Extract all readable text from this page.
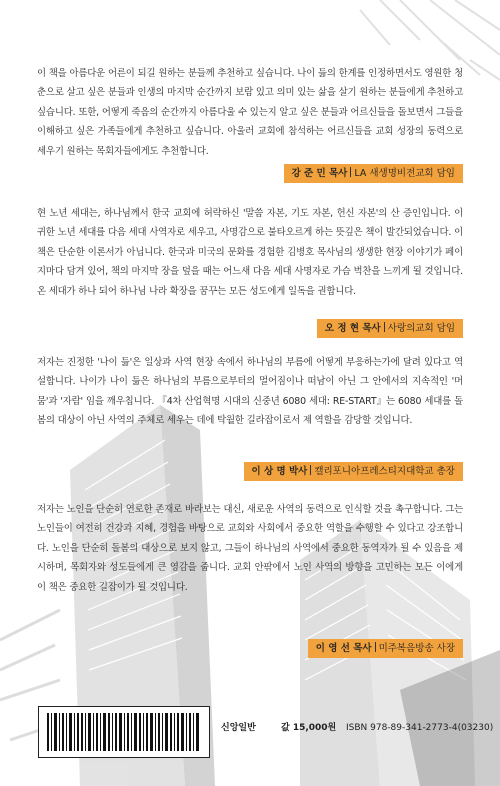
이 책을 아름다운 어른이 되길 원하는 분들께 추천하고 싶습니다. 나이 듦의 한계를 인정하면서도 영원한 청춘으로 살고 싶은 분들과 인생의 마지막 순간까지 보람 있고 의미 있는 삶을 살기 원하는 분들에게 추천하고 싶습니다. 또한, 어떻게 죽음의 순간까지 아름다울 수 있는지 알고 싶은 분들과 어르신들을 돌보면서 그들을 이해하고 싶은 가족들에게 추천하고 싶습니다. 아울러 교회에 참석하는 어르신들을 교회 성장의 동력으로 세우기 원하는 목회자들에게도 추천합니다.

강 준 민 목사 LA 새생명비전교회 담임

현 노년 세대는, 하나님께서 한국 교회에 허락하신 '말씀 자본, 기도 자본, 헌신 자본'의 산 증인입니다. 이 귀한 노년 세대를 다음 세대 사역자로 세우고, 사명감으로 불타오르게 하는 뜻깊은 책이 발간되었습니다. 이 책은 단순한 이론서가 아닙니다. 한국과 미국의 문화를 경험한 김병호 목사님의 생생한 현장 이야기가 페이지마다 담겨 있어, 책의 마지막 장을 덮을 때는 어느새 다음 세대 사명자로 가슴 벅찬을 느끼게 될 것입니다. 온 세대가 하나 되어 하나님 나라 확장을 꿈꾸는 모든 성도에게 일독을 권합니다.

오 정 현 목사 사랑의교회 담임

저자는 진정한 '나이 듦'은 일상과 사역 현장 속에서 하나님의 부름에 어떻게 부응하는가에 달려 있다고 역설합니다. 나이가 나이 듦은 하나님의 부름으로부터의 멀어짐이나 떠남이 아닌 그 안에서의 지속적인 '머뭄'과 '자람' 임을 깨우칩니다. 『4차 산업혁명 시대의 신중년 6080 세대: RE-START』는 6080 세대를 돌봄의 대상이 아닌 사역의 주체로 세우는 데에 탁월한 길라잡이로서 제 역할을 감당할 것입니다.

이 상 명 박사 캘리포니아프레스티지대학교 총장

저자는 노인을 단순히 연로한 존재로 바라보는 대신, 새로운 사역의 동력으로 인식할 것을 촉구합니다. 그는 노인들이 여전히 건강과 지혜, 경험을 바탕으로 교회와 사회에서 중요한 역할을 수행할 수 있다고 강조합니다. 노인을 단순히 돌봄의 대상으로 보지 않고, 그들이 하나님의 사역에서 중요한 동역자가 될 수 있음을 제시하며, 목회자와 성도들에게 큰 영감을 줍니다. 교회 안팎에서 노인 사역의 방향을 고민하는 모든 이에게 이 책은 중요한 길잡이가 될 것입니다.

이 영 선 목사 미주복음방송 사장
신앙일반	값 15,000원 ISBN 978-89-341-2773-4(03230)
